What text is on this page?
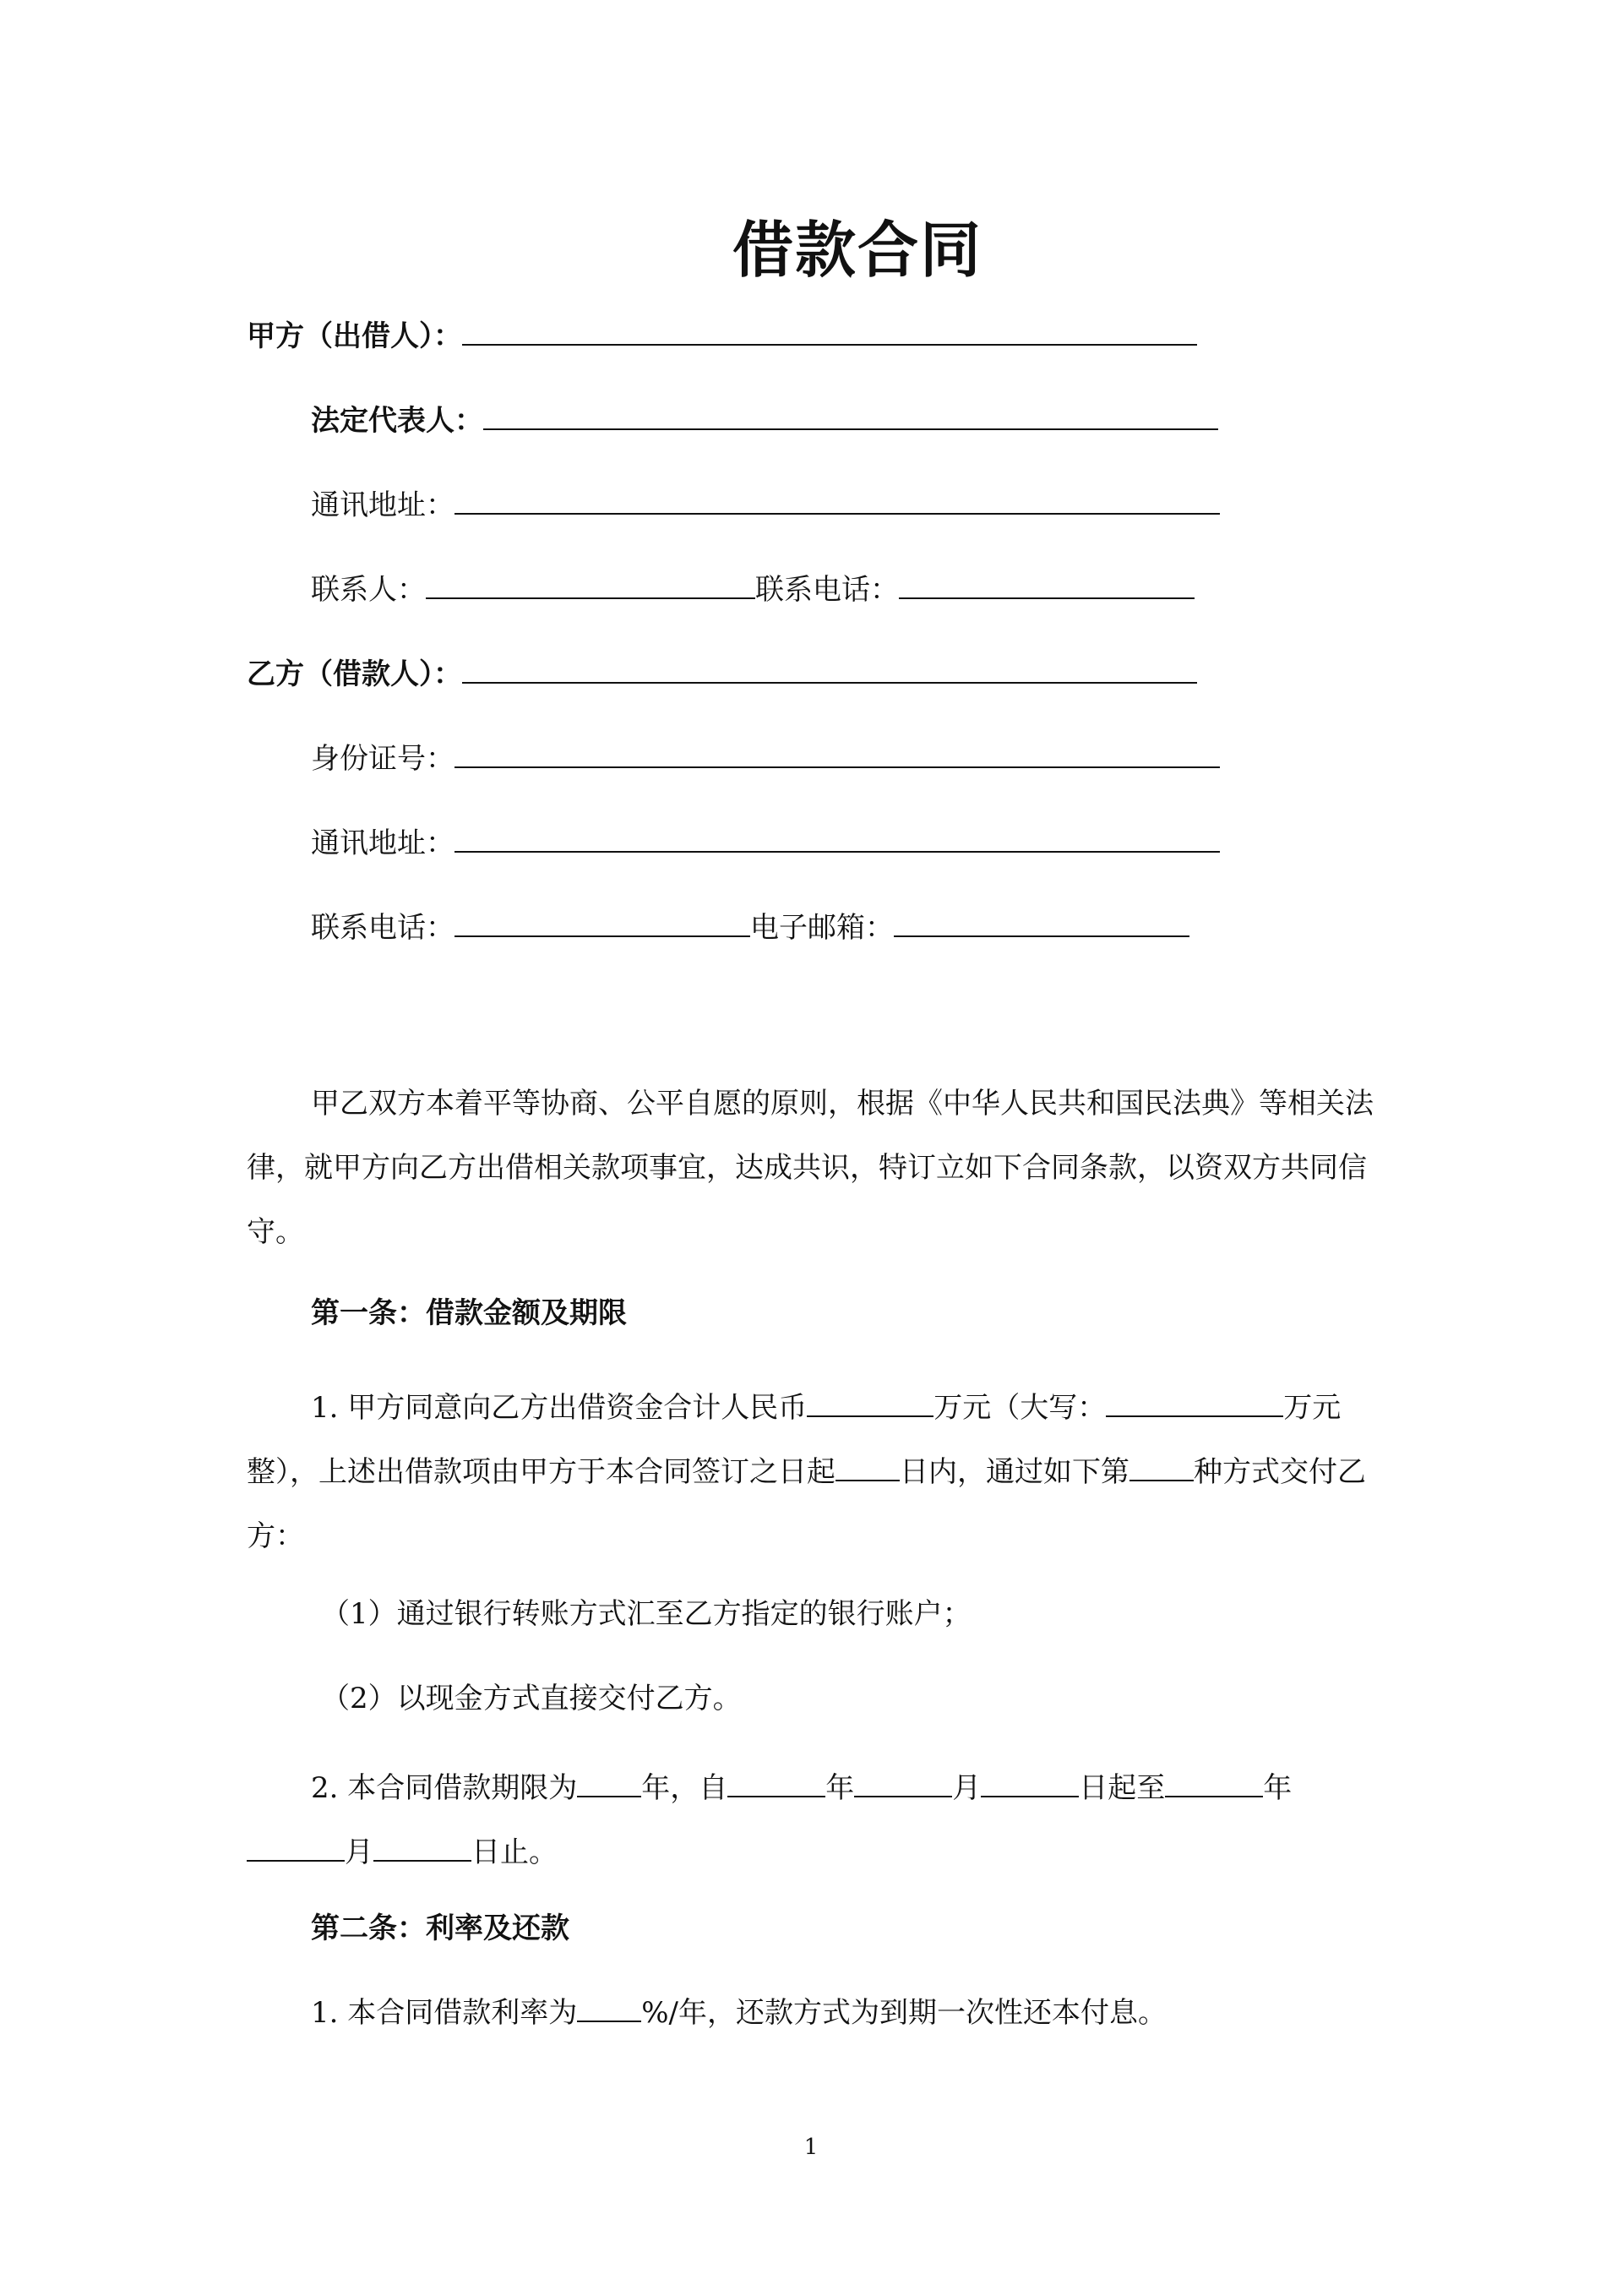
借款合同
甲方（出借人）：
法定代表人：
通讯地址：
联系人：	联系电话：
乙方（借款人）：
身份证号：
通讯地址：
联系电话：	电子邮箱：
甲乙双方本着平等协商、公平自愿的原则，根据《中华人民共和国民法典》等相关法律，就甲方向乙方出借相关款项事宜，达成共识，特订立如下合同条款，以资双方共同信守。
第一条：借款金额及期限
1. 甲方同意向乙方出借资金合计人民币	万元（大写：	万元整），上述出借款项由甲方于本合同签订之日起 日内，通过如下第 种方式交付乙方：
（1）通过银行转账方式汇至乙方指定的银行账户；
（2）以现金方式直接交付乙方。
2. 本合同借款期限为 年，自	年	月	日起至	年月	日止。
第二条：利率及还款
1. 本合同借款利率为 %/年，还款方式为到期一次性还本付息。
1
